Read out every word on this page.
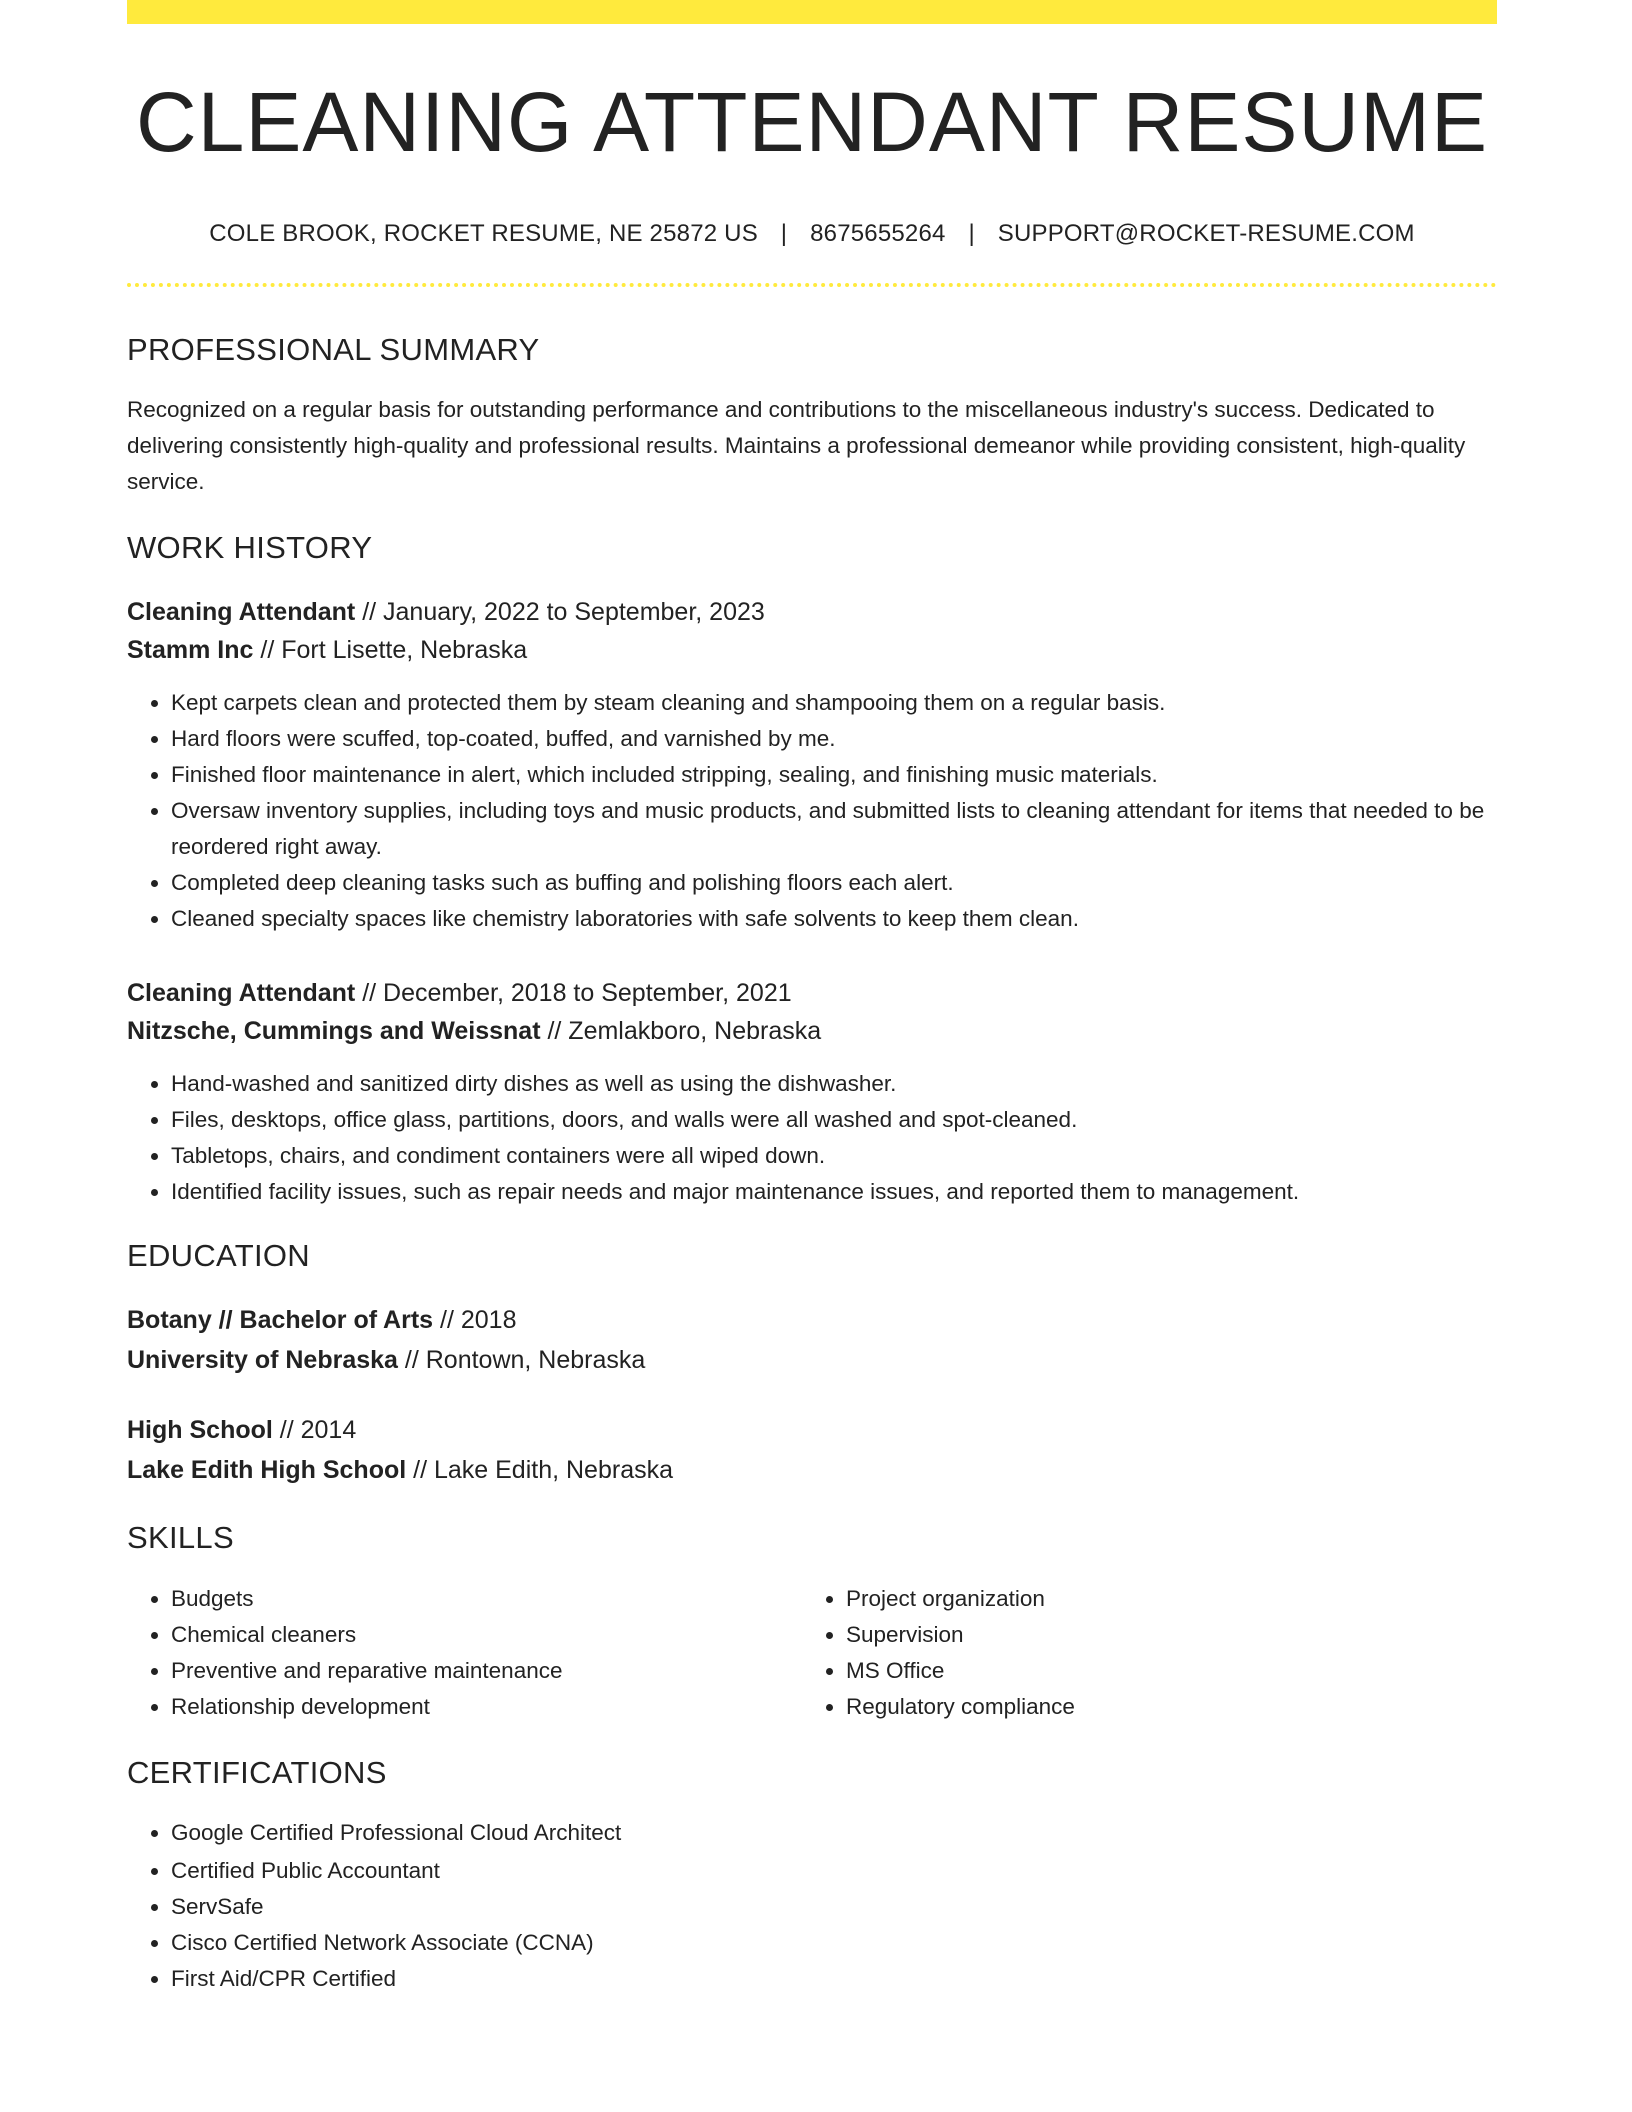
CLEANING ATTENDANT RESUME
COLE BROOK, ROCKET RESUME, NE 25872 US | 8675655264 | SUPPORT@ROCKET-RESUME.COM
PROFESSIONAL SUMMARY
Recognized on a regular basis for outstanding performance and contributions to the miscellaneous industry's success. Dedicated to delivering consistently high-quality and professional results. Maintains a professional demeanor while providing consistent, high-quality service.
WORK HISTORY
Cleaning Attendant // January, 2022 to September, 2023
Stamm Inc // Fort Lisette, Nebraska
• Kept carpets clean and protected them by steam cleaning and shampooing them on a regular basis.
• Hard floors were scuffed, top-coated, buffed, and varnished by me.
• Finished floor maintenance in alert, which included stripping, sealing, and finishing music materials.
• Oversaw inventory supplies, including toys and music products, and submitted lists to cleaning attendant for items that needed to be reordered right away.
• Completed deep cleaning tasks such as buffing and polishing floors each alert.
• Cleaned specialty spaces like chemistry laboratories with safe solvents to keep them clean.
Cleaning Attendant // December, 2018 to September, 2021
Nitzsche, Cummings and Weissnat // Zemlakboro, Nebraska
• Hand-washed and sanitized dirty dishes as well as using the dishwasher.
• Files, desktops, office glass, partitions, doors, and walls were all washed and spot-cleaned.
• Tabletops, chairs, and condiment containers were all wiped down.
• Identified facility issues, such as repair needs and major maintenance issues, and reported them to management.
EDUCATION
Botany // Bachelor of Arts // 2018
University of Nebraska // Rontown, Nebraska
High School // 2014
Lake Edith High School // Lake Edith, Nebraska
SKILLS
• Budgets
• Chemical cleaners
• Preventive and reparative maintenance
• Relationship development
• Project organization
• Supervision
• MS Office
• Regulatory compliance
CERTIFICATIONS
• Google Certified Professional Cloud Architect
• Certified Public Accountant
• ServSafe
• Cisco Certified Network Associate (CCNA)
• First Aid/CPR Certified
